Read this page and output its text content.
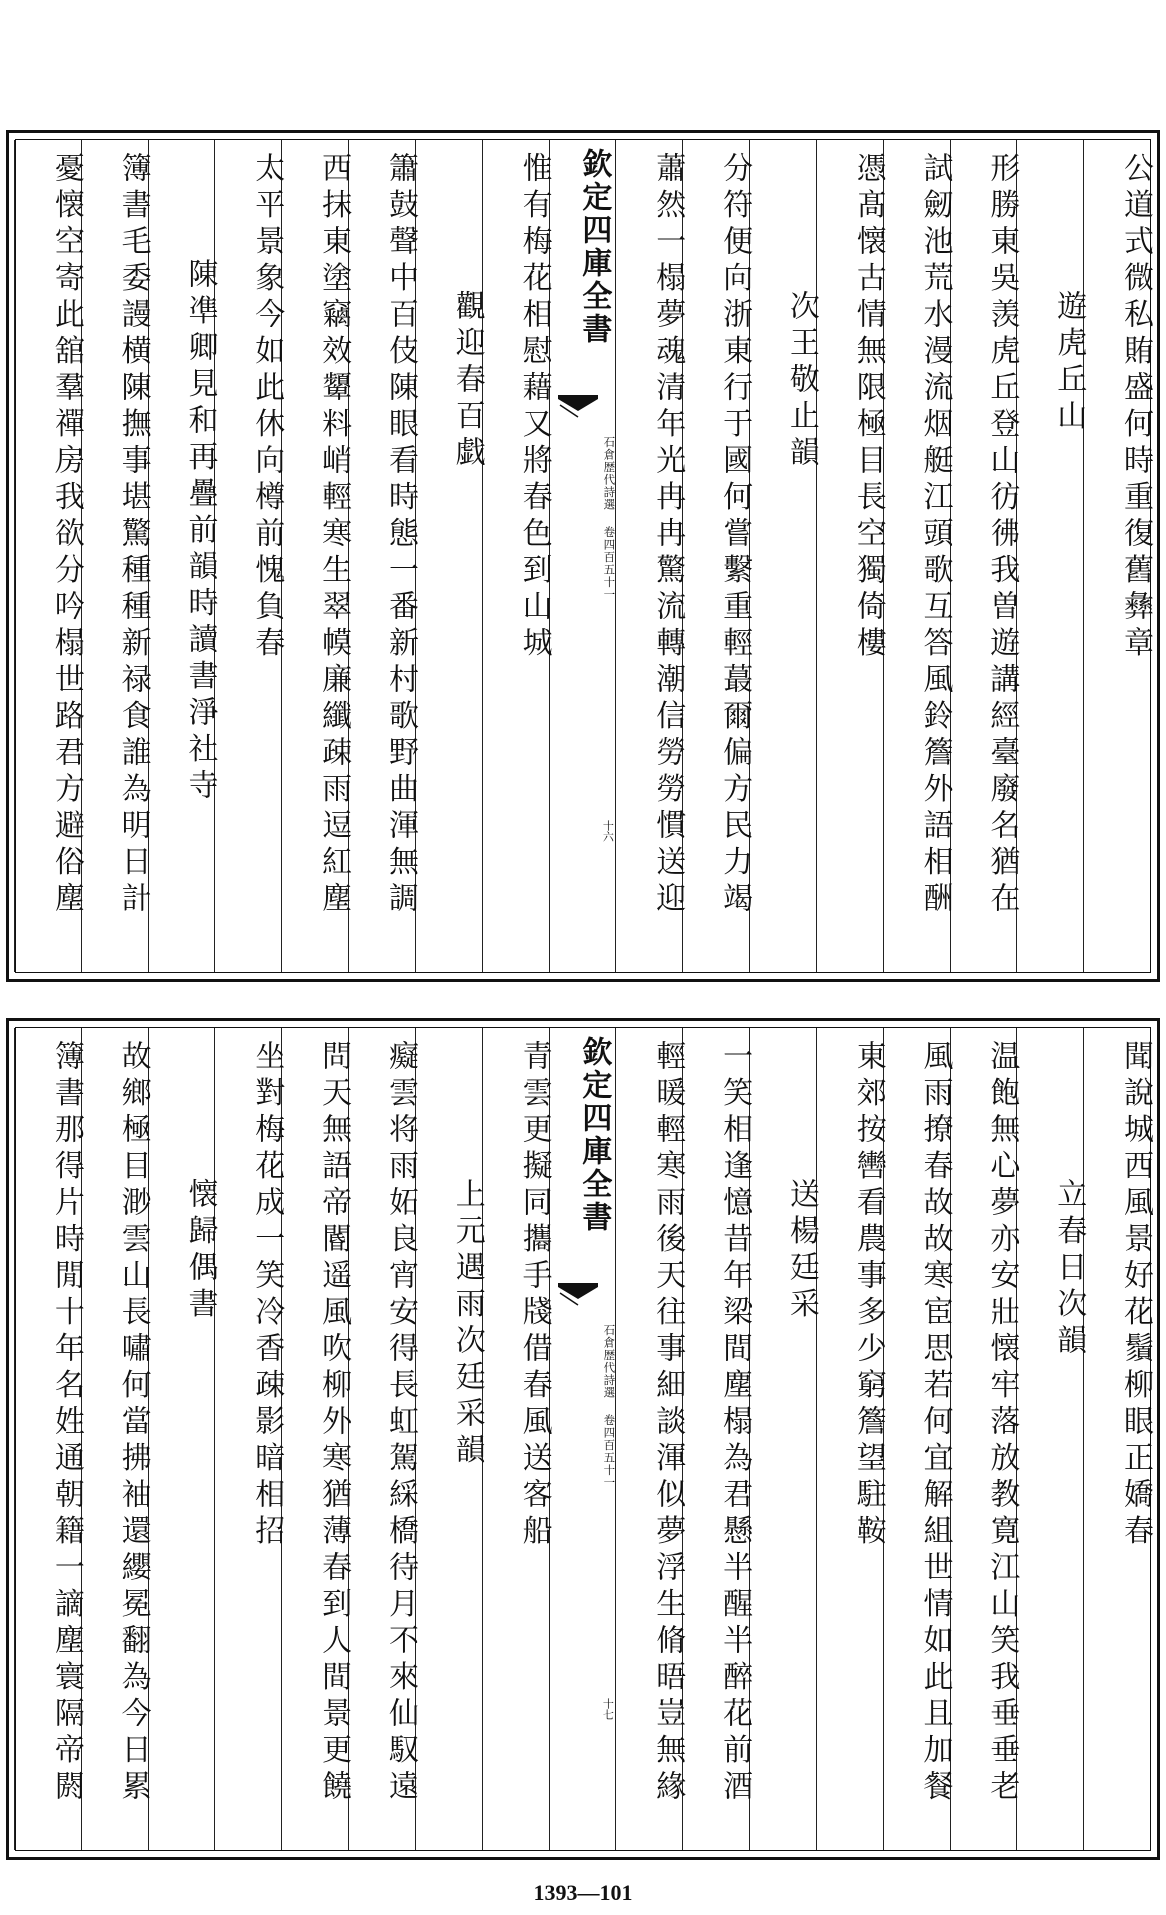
公道式微私賄盛何時重復舊彝章
遊虎丘山
形勝東吳羡虎丘登山彷彿我曽遊講經臺廢名猶在
試劒池荒水漫流烟艇江頭歌互答風鈴簷外語相酬
憑髙懐古情無限極目長空獨倚樓
次王敬止韻
分符便向浙東行于國何嘗繫重輕蕞爾偏方民力竭
蕭然一榻夢魂清年光冉冉驚流轉潮信勞勞慣送迎
欽定四庫全書
石倉歴代詩選 卷四百五十一
十六
惟有梅花相慰藉又將春色到山城
觀迎春百戯
簫鼓聲中百伎陳眼看時態一番新村歌野曲渾無調
西抹東塗竊效顰料峭輕寒生翠幙廉纖疎雨逗紅塵
太平景象今如此休向樽前愧負春
陳凖卿見和再疊前韻時讀書淨社寺
簿書毛委謾横陳撫事堪驚種種新禄食誰為明日計
憂懐空寄此舘羣禪房我欲分吟榻世路君方避俗塵
聞說城西風景好花鬚柳眼正嬌春
立春日次韻
温飽無心夢亦安壯懐牢落放教寛江山笑我垂垂老
風雨撩春故故寒宦思若何宜解組世情如此且加餐
東郊按轡看農事多少窮簷望駐鞍
送楊廷采
一笑相逢憶昔年梁間塵榻為君懸半醒半醉花前酒
輕暖輕寒雨後天往事細談渾似夢浮生脩晤豈無緣
欽定四庫全書
石倉歴代詩選 卷四百五十一
十七
青雲更擬同攜手牋借春風送客船
上元遇雨次廷采韻
癡雲将雨妬良宵安得長虹駕綵橋待月不來仙馭遠
問天無語帝閽遥風吹柳外寒猶薄春到人間景更饒
坐對梅花成一笑冷香疎影暗相招
懐歸偶書
故鄉極目渺雲山長嘯何當拂袖還纓冕翻為今日累
簿書那得片時閒十年名姓通朝籍一謫塵寰隔帝閼
1393—101
